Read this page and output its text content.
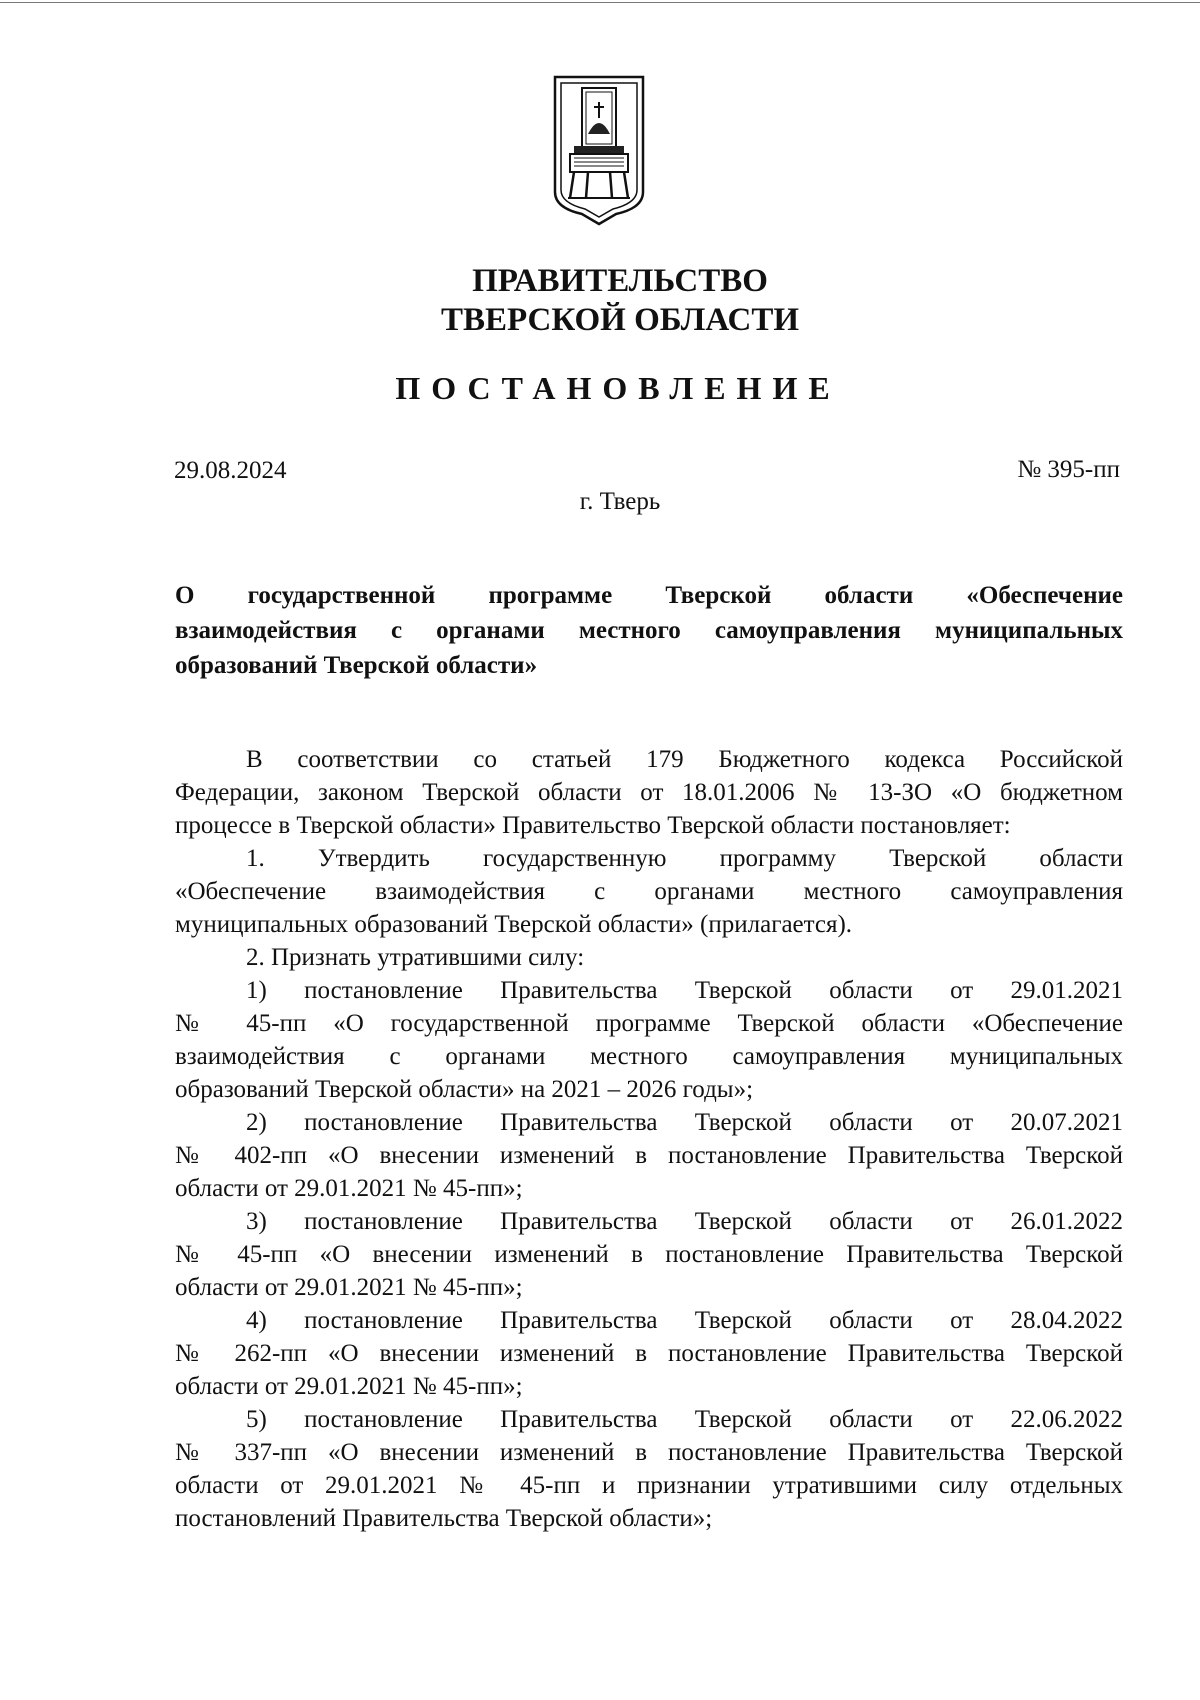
ПРАВИТЕЛЬСТВО
ТВЕРСКОЙ ОБЛАСТИ
ПОСТАНОВЛЕНИЕ
29.08.2024	№ 395-пп
г. Тверь
О государственной программе Тверской области «Обеспечение
взаимодействия с органами местного самоуправления муниципальных
образований Тверской области»
В соответствии со статьей 179 Бюджетного кодекса Российской
Федерации, законом Тверской области от 18.01.2006 № 13-ЗО «О бюджетном
процессе в Тверской области» Правительство Тверской области постановляет:
1. Утвердить государственную программу Тверской области
«Обеспечение взаимодействия с органами местного самоуправления
муниципальных образований Тверской области» (прилагается).
2. Признать утратившими силу:
1) постановление Правительства Тверской области от 29.01.2021
№ 45-пп «О государственной программе Тверской области «Обеспечение
взаимодействия с органами местного самоуправления муниципальных
образований Тверской области» на 2021 – 2026 годы»;
2) постановление Правительства Тверской области от 20.07.2021
№ 402-пп «О внесении изменений в постановление Правительства Тверской
области от 29.01.2021 № 45-пп»;
3) постановление Правительства Тверской области от 26.01.2022
№ 45-пп «О внесении изменений в постановление Правительства Тверской
области от 29.01.2021 № 45-пп»;
4) постановление Правительства Тверской области от 28.04.2022
№ 262-пп «О внесении изменений в постановление Правительства Тверской
области от 29.01.2021 № 45-пп»;
5) постановление Правительства Тверской области от 22.06.2022
№ 337-пп «О внесении изменений в постановление Правительства Тверской
области от 29.01.2021 № 45-пп и признании утратившими силу отдельных
постановлений Правительства Тверской области»;
